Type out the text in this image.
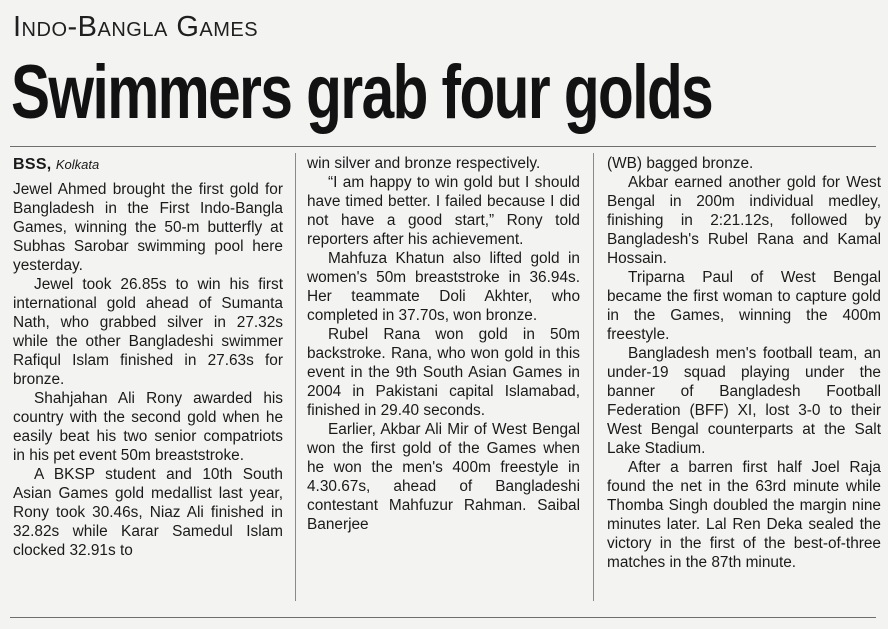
Indo-Bangla Games
Swimmers grab four golds
BSS, Kolkata

Jewel Ahmed brought the first gold for Bangladesh in the First Indo-Bangla Games, winning the 50-m butterfly at Subhas Sarobar swimming pool here yesterday.

Jewel took 26.85s to win his first international gold ahead of Sumanta Nath, who grabbed silver in 27.32s while the other Bangladeshi swimmer Rafiqul Islam finished in 27.63s for bronze.

Shahjahan Ali Rony awarded his country with the second gold when he easily beat his two senior compatriots in his pet event 50m breaststroke.

A BKSP student and 10th South Asian Games gold medallist last year, Rony took 30.46s, Niaz Ali finished in 32.82s while Karar Samedul Islam clocked 32.91s to

win silver and bronze respectively.

“I am happy to win gold but I should have timed better. I failed because I did not have a good start,” Rony told reporters after his achievement.

Mahfuza Khatun also lifted gold in women's 50m breaststroke in 36.94s. Her teammate Doli Akhter, who completed in 37.70s, won bronze.

Rubel Rana won gold in 50m backstroke. Rana, who won gold in this event in the 9th South Asian Games in 2004 in Pakistani capital Islamabad, finished in 29.40 seconds.

Earlier, Akbar Ali Mir of West Bengal won the first gold of the Games when he won the men's 400m freestyle in 4.30.67s, ahead of Bangladeshi contestant Mahfuzur Rahman. Saibal Banerjee

(WB) bagged bronze.

Akbar earned another gold for West Bengal in 200m individual medley, finishing in 2:21.12s, followed by Bangladesh's Rubel Rana and Kamal Hossain.

Triparna Paul of West Bengal became the first woman to capture gold in the Games, winning the 400m freestyle.

Bangladesh men's football team, an under-19 squad playing under the banner of Bangladesh Football Federation (BFF) XI, lost 3-0 to their West Bengal counterparts at the Salt Lake Stadium.

After a barren first half Joel Raja found the net in the 63rd minute while Thomba Singh doubled the margin nine minutes later. Lal Ren Deka sealed the victory in the first of the best-of-three matches in the 87th minute.
